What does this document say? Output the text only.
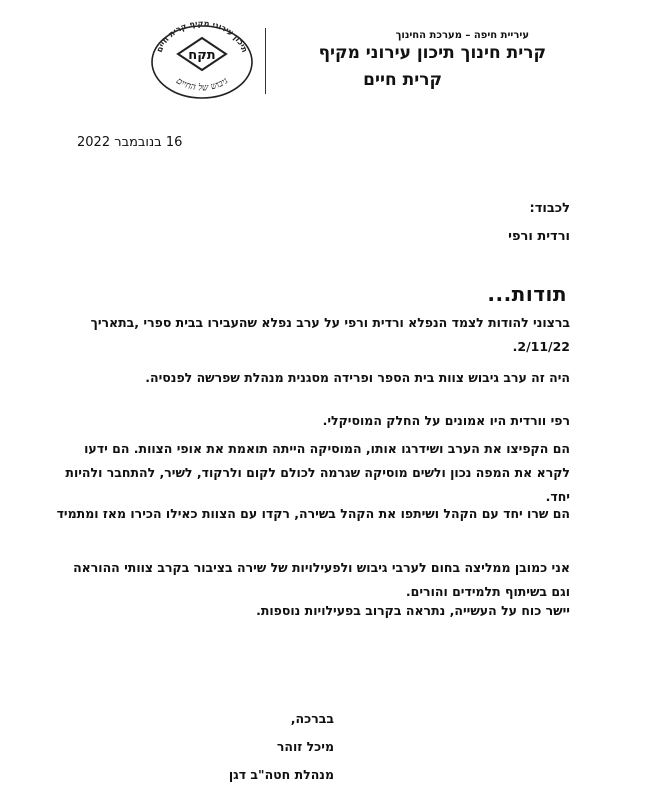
תיכון עירוני מקיף קרית חיים
תקח
גיבוש של החיים
עיריית חיפה – מערכת החינוך
קרית חינוך תיכון עירוני מקיף
קרית חיים
16 בנובמבר 2022
לכבוד:
ורדית ורפי
תודות...
ברצוני להודות לצמד הנפלא ורדית ורפי על ערב נפלא שהעבירו בבית ספרי ,בתאריך 2/11/22.
היה זה ערב גיבוש צוות בית הספר ופרידה מסגנית מנהלת שפרשה לפנסיה.
רפי וורדית היו אמונים על החלק המוסיקלי.
הם הקפיצו את הערב ושידרגו אותו, המוסיקה הייתה תואמת את אופי הצוות. הם ידעו לקרא את המפה נכון ולשים מוסיקה שגרמה לכולם לקום ולרקוד, לשיר, להתחבר ולהיות יחד.
הם שרו יחד עם הקהל ושיתפו את הקהל בשירה, רקדו עם הצוות כאילו הכירו מאז ומתמיד
אני כמובן ממליצה בחום לערבי גיבוש ולפעילויות של שירה בציבור בקרב צוותי ההוראה וגם בשיתוף תלמידים והורים.
יישר כוח על העשייה, נתראה בקרוב בפעילויות נוספות.
בברכה,
מיכל זוהר
מנהלת חטה"ב דגן
